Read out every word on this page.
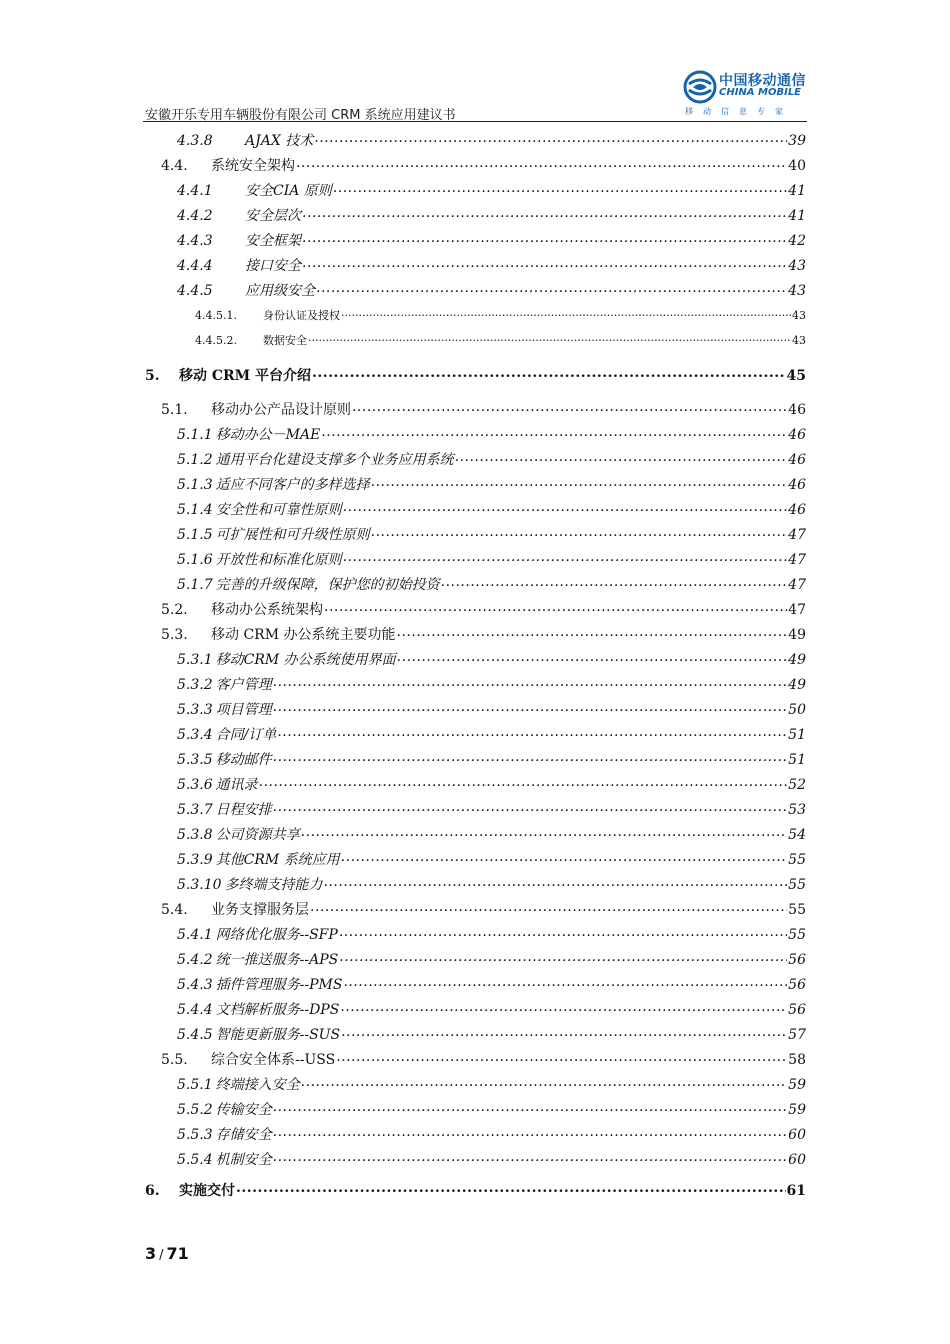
中国移动通信
CHINA MOBILE
移动信息专家
安徽开乐专用车辆股份有限公司 CRM 系统应用建议书
4.3.8	AJAX 技术 .....	39
4.4.	系统安全架构 .....	40
4.4.1	安全CIA 原则 .....	41
4.4.2	安全层次 .....	41
4.4.3	安全框架 .....	42
4.4.4	接口安全 .....	43
4.4.5	应用级安全 .....	43
4.4.5.1.	身份认证及授权 .....	43
4.4.5.2.	数据安全 .....	43
5.	移动 CRM 平台介绍 .....	45
5.1.	移动办公产品设计原则 .....	46
5.1.1 移动办公－MAE .....	46
5.1.2 通用平台化建设支撑多个业务应用系统 .....	46
5.1.3 适应不同客户的多样选择 .....	46
5.1.4 安全性和可靠性原则 .....	46
5.1.5 可扩展性和可升级性原则 .....	47
5.1.6 开放性和标准化原则 .....	47
5.1.7 完善的升级保障，保护您的初始投资 .....	47
5.2.	移动办公系统架构 .....	47
5.3.	移动 CRM 办公系统主要功能 .....	49
5.3.1 移动CRM 办公系统使用界面 .....	49
5.3.2 客户管理 .....	49
5.3.3 项目管理 .....	50
5.3.4 合同/订单 .....	51
5.3.5 移动邮件 .....	51
5.3.6 通讯录 .....	52
5.3.7 日程安排 .....	53
5.3.8 公司资源共享 .....	54
5.3.9 其他CRM 系统应用 .....	55
5.3.10 多终端支持能力 .....	55
5.4.	业务支撑服务层 .....	55
5.4.1 网络优化服务--SFP .....	55
5.4.2 统一推送服务--APS .....	56
5.4.3 插件管理服务--PMS .....	56
5.4.4 文档解析服务--DPS .....	56
5.4.5 智能更新服务--SUS .....	57
5.5.	综合安全体系--USS .....	58
5.5.1 终端接入安全 .....	59
5.5.2 传输安全 .....	59
5.5.3 存储安全 .....	60
5.5.4 机制安全 .....	60
6.	实施交付 .....	61
3 / 71
